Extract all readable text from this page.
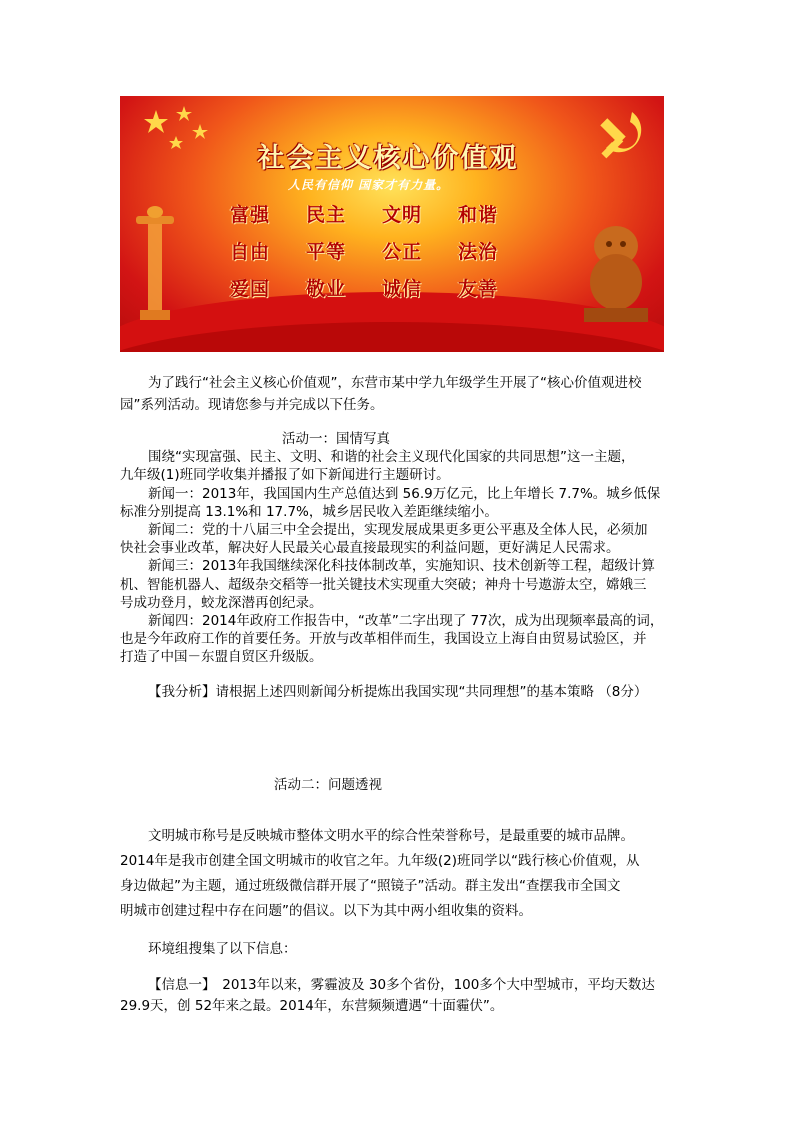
社会主义核心价值观
人民有信仰 国家才有力量。
富强	民主	文明	和谐
自由	平等	公正	法治
爱国	敬业	诚信	友善
为了践行“社会主义核心价值观”，东营市某中学九年级学生开展了“核心价值观进校
园”系列活动。现请您参与并完成以下任务。
活动一：国情写真
围绕“实现富强、民主、文明、和谐的社会主义现代化国家的共同思想”这一主题，
九年级(1)班同学收集并播报了如下新闻进行主题研讨。
新闻一：2013年，我国国内生产总值达到 56.9万亿元，比上年增长 7.7%。城乡低保
标准分别提高 13.1%和 17.7%，城乡居民收入差距继续缩小。
新闻二：党的十八届三中全会提出，实现发展成果更多更公平惠及全体人民，必须加
快社会事业改革，解决好人民最关心最直接最现实的利益问题，更好满足人民需求。
新闻三：2013年我国继续深化科技体制改革，实施知识、技术创新等工程，超级计算
机、智能机器人、超级杂交稻等一批关键技术实现重大突破；神舟十号遨游太空，嫦娥三
号成功登月，蛟龙深潜再创纪录。
新闻四：2014年政府工作报告中，“改革”二字出现了 77次，成为出现频率最高的词，
也是今年政府工作的首要任务。开放与改革相伴而生，我国设立上海自由贸易试验区，并
打造了中国－东盟自贸区升级版。
【我分析】请根据上述四则新闻分析提炼出我国实现“共同理想”的基本策略 （8分）
活动二：问题透视
文明城市称号是反映城市整体文明水平的综合性荣誉称号，是最重要的城市品牌。
2014年是我市创建全国文明城市的收官之年。九年级(2)班同学以“践行核心价值观，从
身边做起”为主题，通过班级微信群开展了“照镜子”活动。群主发出“查摆我市全国文
明城市创建过程中存在问题”的倡议。以下为其中两小组收集的资料。
环境组搜集了以下信息：
【信息一】　2013年以来，雾霾波及 30多个省份，100多个大中型城市，平均天数达
29.9天，创 52年来之最。2014年，东营频频遭遇“十面霾伏”。
